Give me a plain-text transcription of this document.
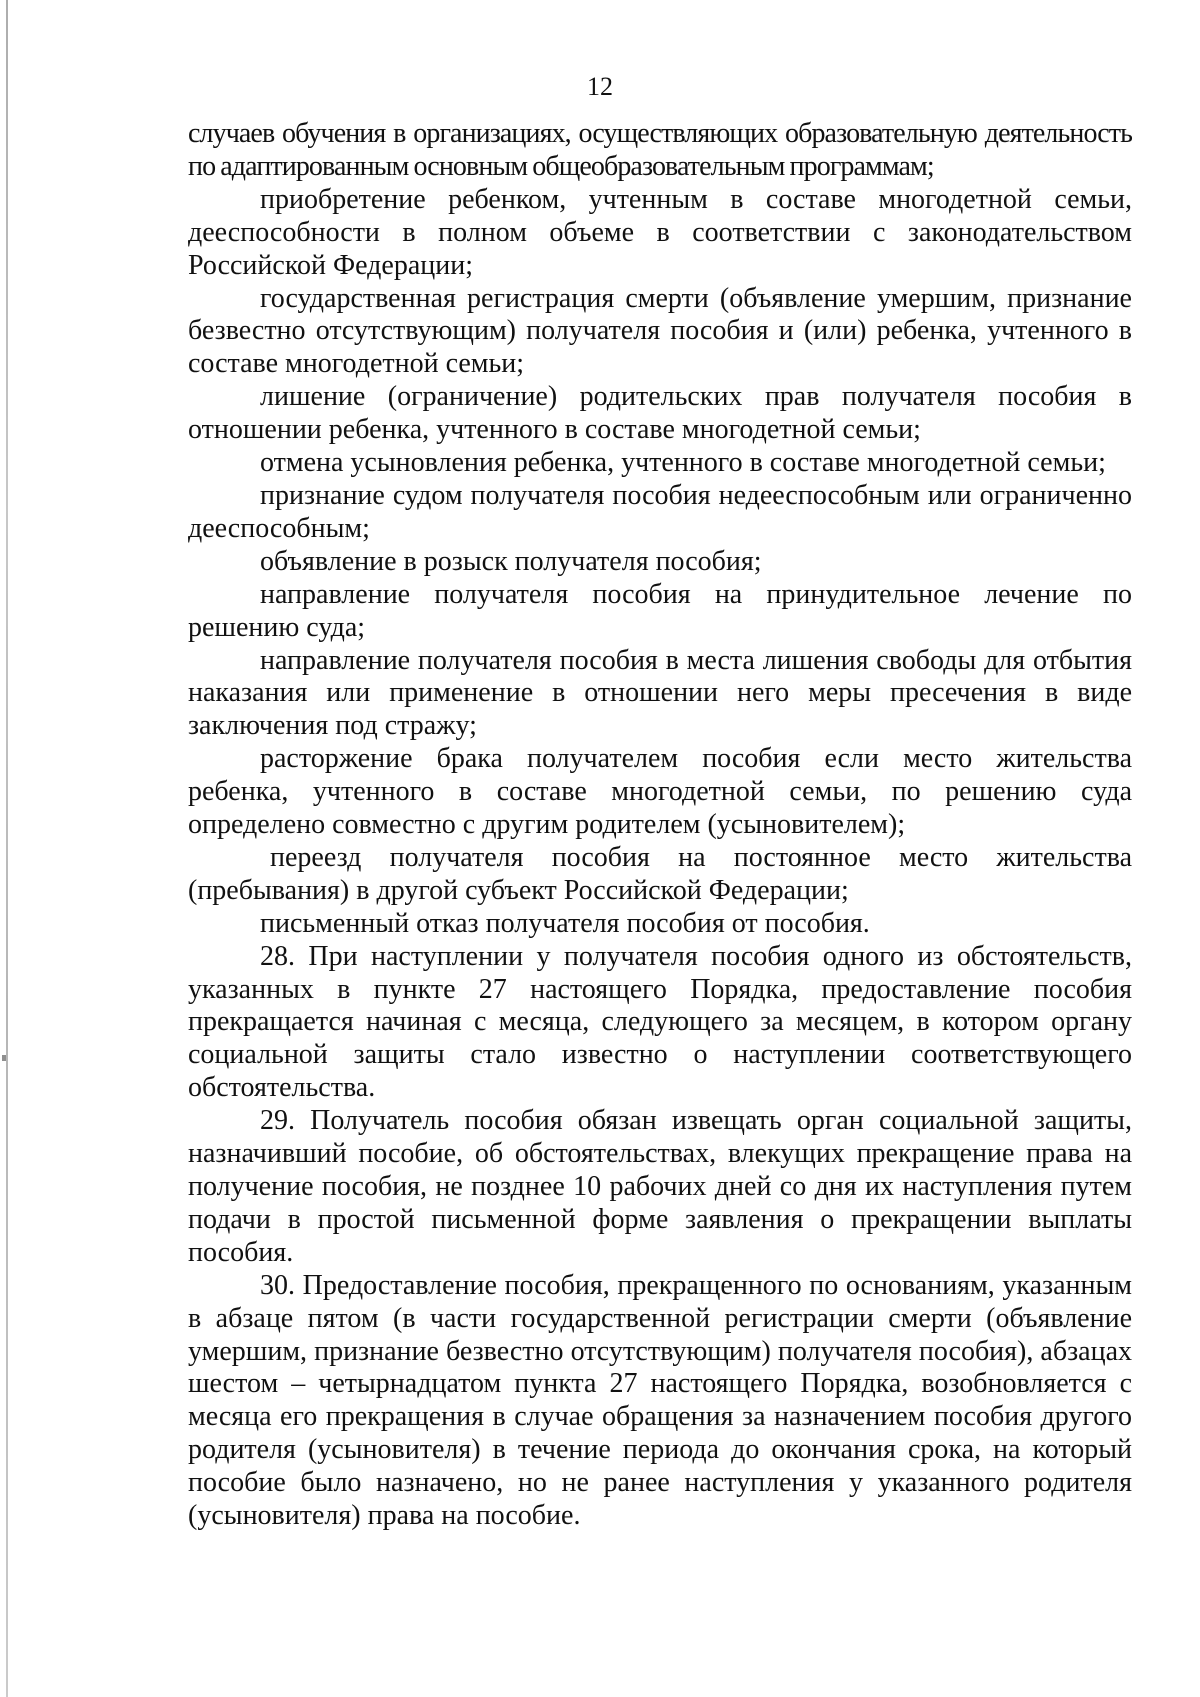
12

случаев обучения в организациях, осуществляющих образовательную деятельность по адаптированным основным общеобразовательным программам;

приобретение ребенком, учтенным в составе многодетной семьи, дееспособности в полном объеме в соответствии с законодательством Российской Федерации;

государственная регистрация смерти (объявление умершим, признание безвестно отсутствующим) получателя пособия и (или) ребенка, учтенного в составе многодетной семьи;

лишение (ограничение) родительских прав получателя пособия в отношении ребенка, учтенного в составе многодетной семьи;

отмена усыновления ребенка, учтенного в составе многодетной семьи;

признание судом получателя пособия недееспособным или ограниченно дееспособным;

объявление в розыск получателя пособия;

направление получателя пособия на принудительное лечение по решению суда;

направление получателя пособия в места лишения свободы для отбытия наказания или применение в отношении него меры пресечения в виде заключения под стражу;

расторжение брака получателем пособия если место жительства ребенка, учтенного в составе многодетной семьи, по решению суда определено совместно с другим родителем (усыновителем);

переезд получателя пособия на постоянное место жительства (пребывания) в другой субъект Российской Федерации;

письменный отказ получателя пособия от пособия.

28. При наступлении у получателя пособия одного из обстоятельств, указанных в пункте 27 настоящего Порядка, предоставление пособия прекращается начиная с месяца, следующего за месяцем, в котором органу социальной защиты стало известно о наступлении соответствующего обстоятельства.

29. Получатель пособия обязан извещать орган социальной защиты, назначивший пособие, об обстоятельствах, влекущих прекращение права на получение пособия, не позднее 10 рабочих дней со дня их наступления путем подачи в простой письменной форме заявления о прекращении выплаты пособия.

30. Предоставление пособия, прекращенного по основаниям, указанным в абзаце пятом (в части государственной регистрации смерти (объявление умершим, признание безвестно отсутствующим) получателя пособия), абзацах шестом – четырнадцатом пункта 27 настоящего Порядка, возобновляется с месяца его прекращения в случае обращения за назначением пособия другого родителя (усыновителя) в течение периода до окончания срока, на который пособие было назначено, но не ранее наступления у указанного родителя (усыновителя) права на пособие.
